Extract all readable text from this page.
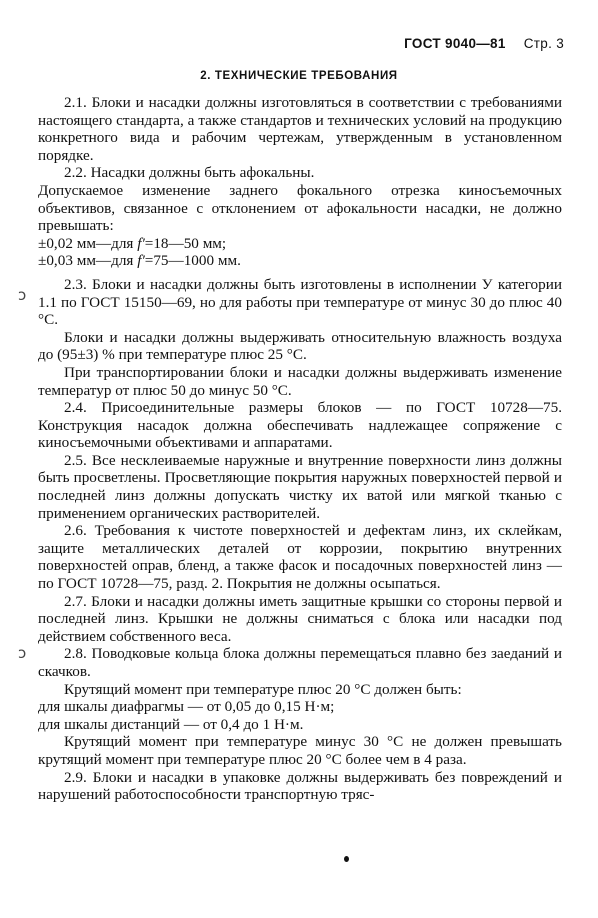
ГОСТ 9040—81 Стр. 3
2. ТЕХНИЧЕСКИЕ ТРЕБОВАНИЯ

2.1. Блоки и насадки должны изготовляться в соответствии с требованиями настоящего стандарта, а также стандартов и технических условий на продукцию конкретного вида и рабочим чертежам, утвержденным в установленном порядке.

2.2. Насадки должны быть афокальны.

Допускаемое изменение заднего фокального отрезка киносъемочных объективов, связанное с отклонением от афокальности насадки, не должно превышать:

±0,02 мм—для f′=18—50 мм;

±0,03 мм—для f′=75—1000 мм.

2.3. Блоки и насадки должны быть изготовлены в исполнении У категории 1.1 по ГОСТ 15150—69, но для работы при температуре от минус 30 до плюс 40 °С.

Блоки и насадки должны выдерживать относительную влажность воздуха до (95±3) % при температуре плюс 25 °С.

При транспортировании блоки и насадки должны выдерживать изменение температур от плюс 50 до минус 50 °С.

2.4. Присоединительные размеры блоков — по ГОСТ 10728—75. Конструкция насадок должна обеспечивать надлежащее сопряжение с киносъемочными объективами и аппаратами.

2.5. Все несклеиваемые наружные и внутренние поверхности линз должны быть просветлены. Просветляющие покрытия наружных поверхностей первой и последней линз должны допускать чистку их ватой или мягкой тканью с применением органических растворителей.

2.6. Требования к чистоте поверхностей и дефектам линз, их склейкам, защите металлических деталей от коррозии, покрытию внутренних поверхностей оправ, бленд, а также фасок и посадочных поверхностей линз — по ГОСТ 10728—75, разд. 2. Покрытия не должны осыпаться.

2.7. Блоки и насадки должны иметь защитные крышки со стороны первой и последней линз. Крышки не должны сниматься с блока или насадки под действием собственного веса.

2.8. Поводковые кольца блока должны перемещаться плавно без заеданий и скачков.

Крутящий момент при температуре плюс 20 °С должен быть:

для шкалы диафрагмы — от 0,05 до 0,15 Н·м;

для шкалы дистанций — от 0,4 до 1 Н·м.

Крутящий момент при температуре минус 30 °С не должен превышать крутящий момент при температуре плюс 20 °С более чем в 4 раза.

2.9. Блоки и насадки в упаковке должны выдерживать без повреждений и нарушений работоспособности транспортную тряс-

ↄ
ↄ
